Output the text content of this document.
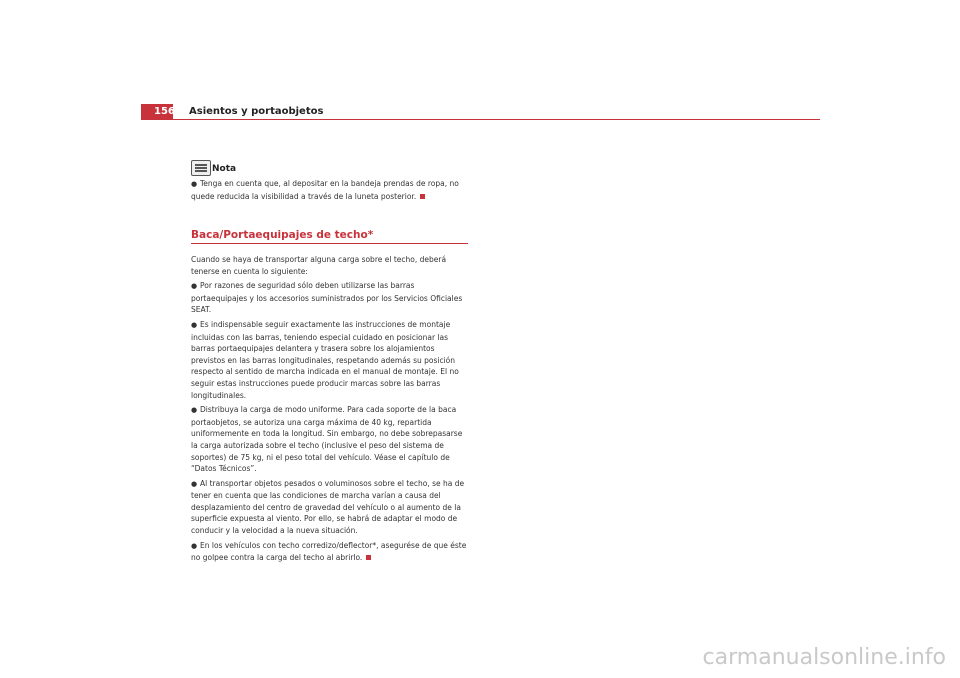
156 Asientos y portaobjetos
Nota

● Tenga en cuenta que, al depositar en la bandeja prendas de ropa, no quede reducida la visibilidad a través de la luneta posterior.

Baca/Portaequipajes de techo*

Cuando se haya de transportar alguna carga sobre el techo, deberá tenerse en cuenta lo siguiente:

● Por razones de seguridad sólo deben utilizarse las barras portaequipajes y los accesorios suministrados por los Servicios Oficiales SEAT.

● Es indispensable seguir exactamente las instrucciones de montaje incluidas con las barras, teniendo especial cuidado en posicionar las barras portaequipajes delantera y trasera sobre los alojamientos previstos en las barras longitudinales, respetando además su posición respecto al sentido de marcha indicada en el manual de montaje. El no seguir estas instrucciones puede producir marcas sobre las barras longitudinales.

● Distribuya la carga de modo uniforme. Para cada soporte de la baca portaobjetos, se autoriza una carga máxima de 40 kg, repartida uniformemente en toda la longitud. Sin embargo, no debe sobrepasarse la carga autorizada sobre el techo (inclusive el peso del sistema de soportes) de 75 kg, ni el peso total del vehículo. Véase el capítulo de “Datos Técnicos”.

● Al transportar objetos pesados o voluminosos sobre el techo, se ha de tener en cuenta que las condiciones de marcha varían a causa del desplazamiento del centro de gravedad del vehículo o al aumento de la superficie expuesta al viento. Por ello, se habrá de adaptar el modo de conducir y la velocidad a la nueva situación.

● En los vehículos con techo corredizo/deflector*, asegurése de que éste no golpee contra la carga del techo al abrirlo.

carmanualsonline.info
